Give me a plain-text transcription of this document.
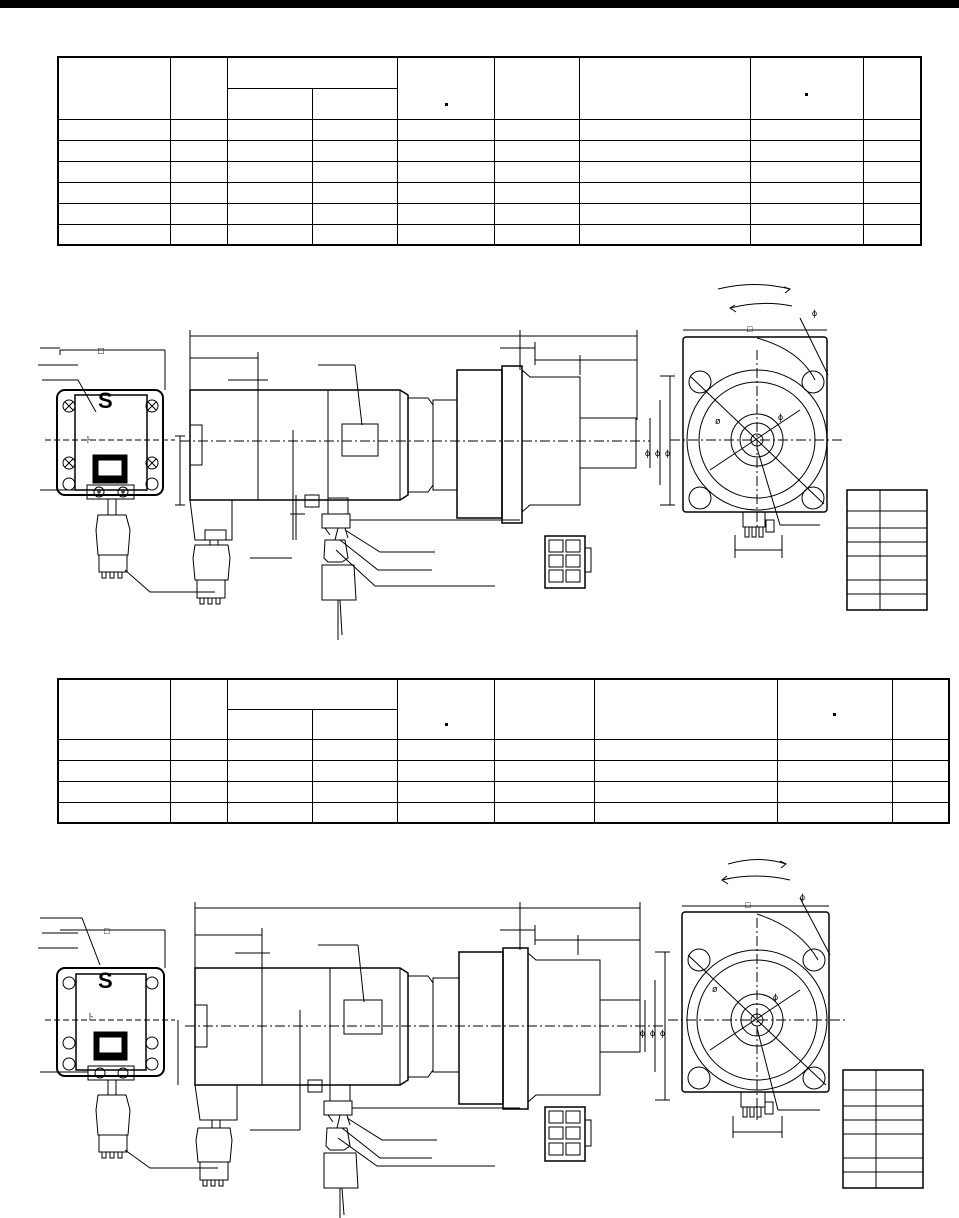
□
S
□
ϕ
ø	ϕ
ϕ ϕ ϕ
ト

□
S
□
ϕ
ø
ϕ
ϕ ϕ ϕ
ト
